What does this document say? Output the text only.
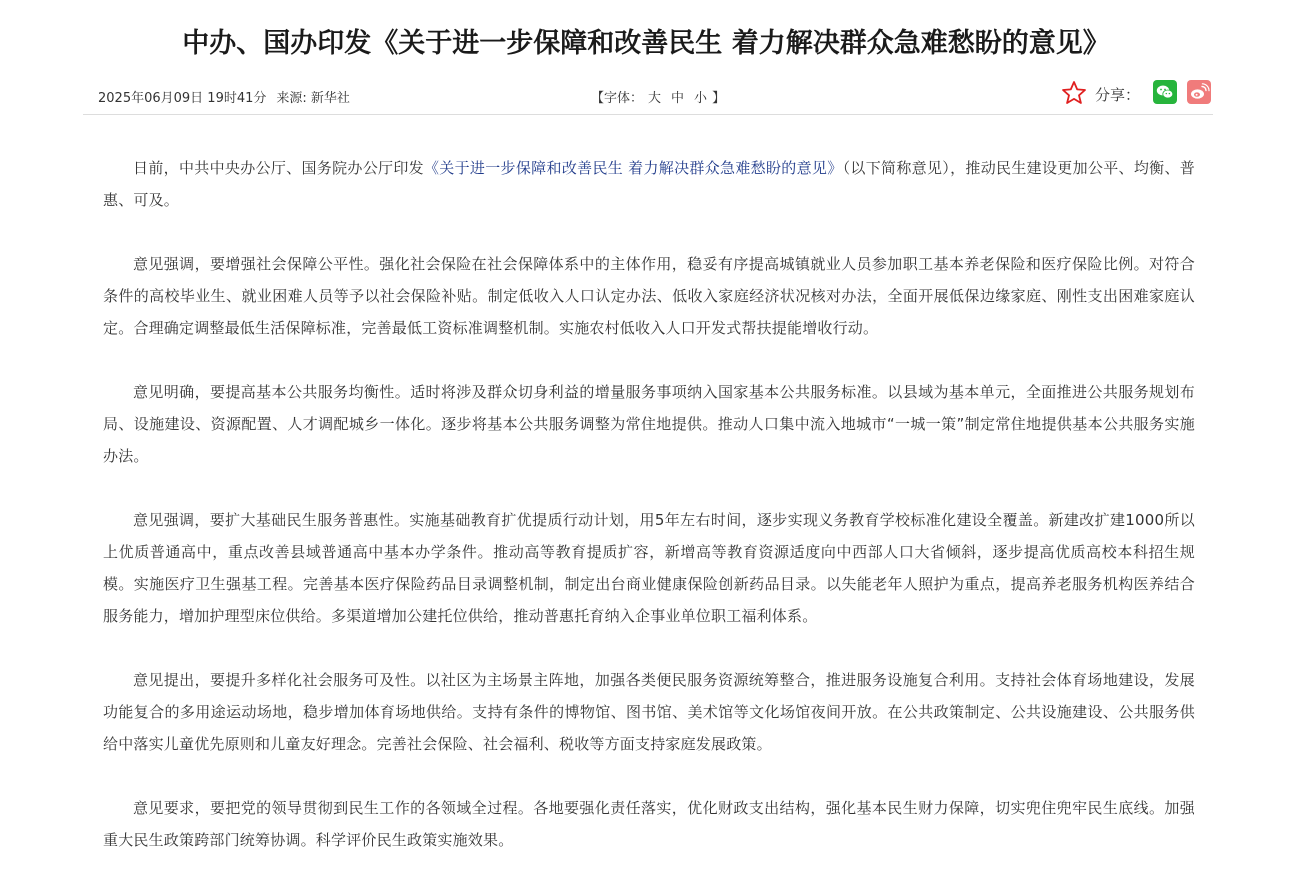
中办、国办印发《关于进一步保障和改善民生 着力解决群众急难愁盼的意见》
2025年06月09日 19时41分 来源: 新华社	【字体： 大 中 小 】	分享：

日前，中共中央办公厅、国务院办公厅印发《关于进一步保障和改善民生 着力解决群众急难愁盼的意见》（以下简称意见），推动民生建设更加公平、均衡、普惠、可及。

意见强调，要增强社会保障公平性。强化社会保险在社会保障体系中的主体作用，稳妥有序提高城镇就业人员参加职工基本养老保险和医疗保险比例。对符合条件的高校毕业生、就业困难人员等予以社会保险补贴。制定低收入人口认定办法、低收入家庭经济状况核对办法，全面开展低保边缘家庭、刚性支出困难家庭认定。合理确定调整最低生活保障标准，完善最低工资标准调整机制。实施农村低收入人口开发式帮扶提能增收行动。

意见明确，要提高基本公共服务均衡性。适时将涉及群众切身利益的增量服务事项纳入国家基本公共服务标准。以县域为基本单元，全面推进公共服务规划布局、设施建设、资源配置、人才调配城乡一体化。逐步将基本公共服务调整为常住地提供。推动人口集中流入地城市“一城一策”制定常住地提供基本公共服务实施办法。

意见强调，要扩大基础民生服务普惠性。实施基础教育扩优提质行动计划，用5年左右时间，逐步实现义务教育学校标准化建设全覆盖。新建改扩建1000所以上优质普通高中，重点改善县域普通高中基本办学条件。推动高等教育提质扩容，新增高等教育资源适度向中西部人口大省倾斜，逐步提高优质高校本科招生规模。实施医疗卫生强基工程。完善基本医疗保险药品目录调整机制，制定出台商业健康保险创新药品目录。以失能老年人照护为重点，提高养老服务机构医养结合服务能力，增加护理型床位供给。多渠道增加公建托位供给，推动普惠托育纳入企事业单位职工福利体系。

意见提出，要提升多样化社会服务可及性。以社区为主场景主阵地，加强各类便民服务资源统筹整合，推进服务设施复合利用。支持社会体育场地建设，发展功能复合的多用途运动场地，稳步增加体育场地供给。支持有条件的博物馆、图书馆、美术馆等文化场馆夜间开放。在公共政策制定、公共设施建设、公共服务供给中落实儿童优先原则和儿童友好理念。完善社会保险、社会福利、税收等方面支持家庭发展政策。

意见要求，要把党的领导贯彻到民生工作的各领域全过程。各地要强化责任落实，优化财政支出结构，强化基本民生财力保障，切实兜住兜牢民生底线。加强重大民生政策跨部门统筹协调。科学评价民生政策实施效果。
